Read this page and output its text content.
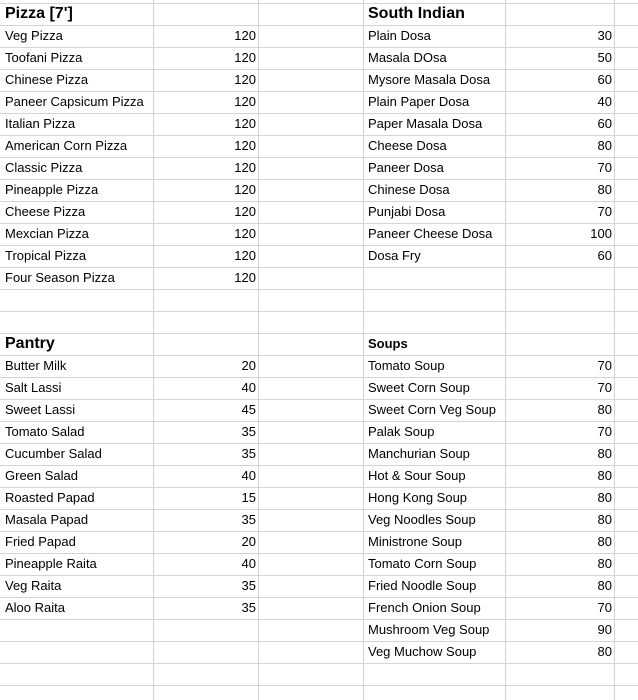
Pizza [7']
Veg Pizza	120
Toofani Pizza	120
Chinese Pizza	120
Paneer Capsicum Pizza	120
Italian Pizza	120
American Corn Pizza	120
Classic Pizza	120
Pineapple Pizza	120
Cheese Pizza	120
Mexcian Pizza	120
Tropical Pizza	120
Four Season Pizza	120
South Indian
Plain Dosa	30
Masala DOsa	50
Mysore Masala Dosa	60
Plain Paper Dosa	40
Paper Masala Dosa	60
Cheese Dosa	80
Paneer Dosa	70
Chinese Dosa	80
Punjabi Dosa	70
Paneer Cheese Dosa	100
Dosa Fry	60
Pantry
Butter Milk	20
Salt Lassi	40
Sweet Lassi	45
Tomato Salad	35
Cucumber Salad	35
Green Salad	40
Roasted Papad	15
Masala Papad	35
Fried Papad	20
Pineapple Raita	40
Veg Raita	35
Aloo Raita	35
Soups
Tomato Soup	70
Sweet Corn Soup	70
Sweet Corn Veg Soup	80
Palak Soup	70
Manchurian Soup	80
Hot & Sour Soup	80
Hong Kong Soup	80
Veg Noodles Soup	80
Ministrone Soup	80
Tomato Corn Soup	80
Fried Noodle Soup	80
French Onion Soup	70
Mushroom Veg Soup	90
Veg Muchow Soup	80
